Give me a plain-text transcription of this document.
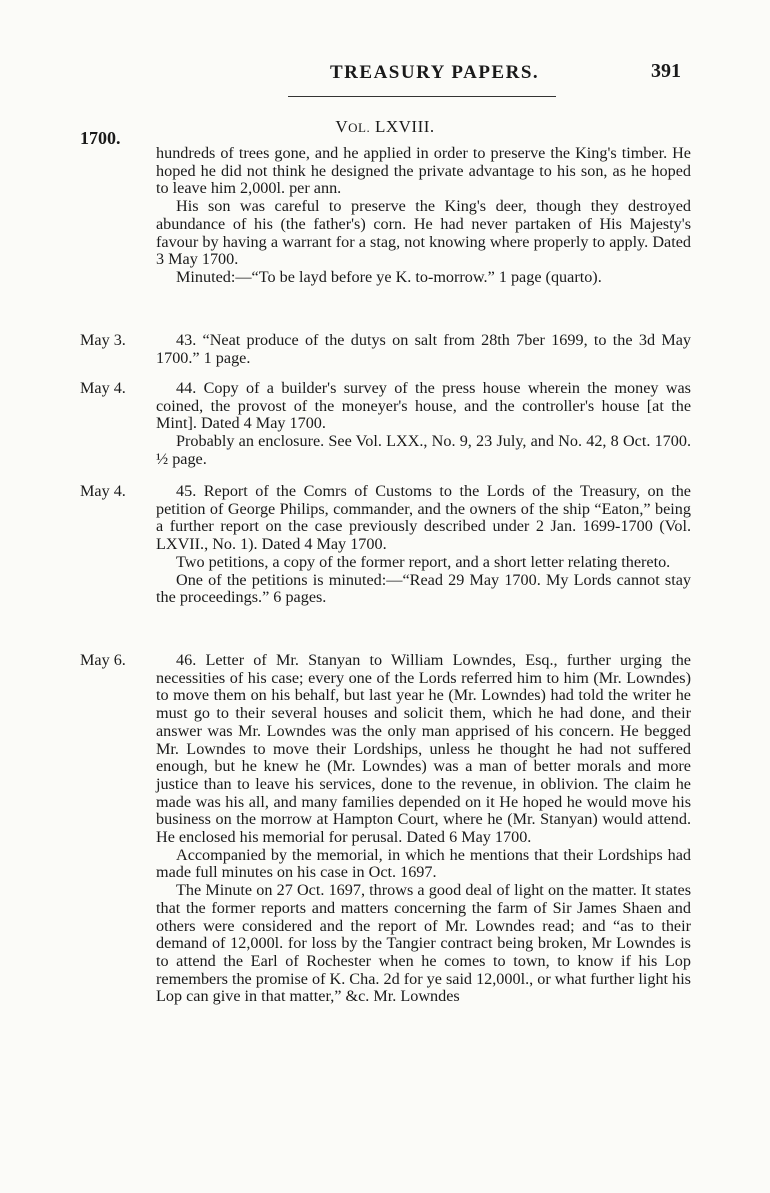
TREASURY PAPERS.	391
1700.
VOL. LXVIII.

hundreds of trees gone, and he applied in order to preserve the King's timber. He hoped he did not think he designed the private advantage to his son, as he hoped to leave him 2,000l. per ann.

His son was careful to preserve the King's deer, though they destroyed abundance of his (the father's) corn. He had never partaken of His Majesty's favour by having a warrant for a stag, not knowing where properly to apply. Dated 3 May 1700.

Minuted:—“To be layd before ye K. to-morrow.” 1 page (quarto).

May 3.	43. “Neat produce of the dutys on salt from 28th 7ber 1699, to the 3d May 1700.” 1 page.

May 4.	44. Copy of a builder's survey of the press house wherein the money was coined, the provost of the moneyer's house, and the controller's house [at the Mint]. Dated 4 May 1700.

Probably an enclosure. See Vol. LXX., No. 9, 23 July, and No. 42, 8 Oct. 1700. ½ page.

May 4.	45. Report of the Comrs of Customs to the Lords of the Treasury, on the petition of George Philips, commander, and the owners of the ship “Eaton,” being a further report on the case previously described under 2 Jan. 1699-1700 (Vol. LXVII., No. 1). Dated 4 May 1700.

Two petitions, a copy of the former report, and a short letter relating thereto.

One of the petitions is minuted:—“Read 29 May 1700. My Lords cannot stay the proceedings.” 6 pages.

May 6.	46. Letter of Mr. Stanyan to William Lowndes, Esq., further urging the necessities of his case; every one of the Lords referred him to him (Mr. Lowndes) to move them on his behalf, but last year he (Mr. Lowndes) had told the writer he must go to their several houses and solicit them, which he had done, and their answer was Mr. Lowndes was the only man apprised of his concern. He begged Mr. Lowndes to move their Lordships, unless he thought he had not suffered enough, but he knew he (Mr. Lowndes) was a man of better morals and more justice than to leave his services, done to the revenue, in oblivion. The claim he made was his all, and many families depended on it He hoped he would move his business on the morrow at Hampton Court, where he (Mr. Stanyan) would attend. He enclosed his memorial for perusal. Dated 6 May 1700.

Accompanied by the memorial, in which he mentions that their Lordships had made full minutes on his case in Oct. 1697.

The Minute on 27 Oct. 1697, throws a good deal of light on the matter. It states that the former reports and matters concerning the farm of Sir James Shaen and others were considered and the report of Mr. Lowndes read; and “as to their demand of 12,000l. for loss by the Tangier contract being broken, Mr Lowndes is to attend the Earl of Rochester when he comes to town, to know if his Lop remembers the promise of K. Cha. 2d for ye said 12,000l., or what further light his Lop can give in that matter,” &c. Mr. Lowndes
